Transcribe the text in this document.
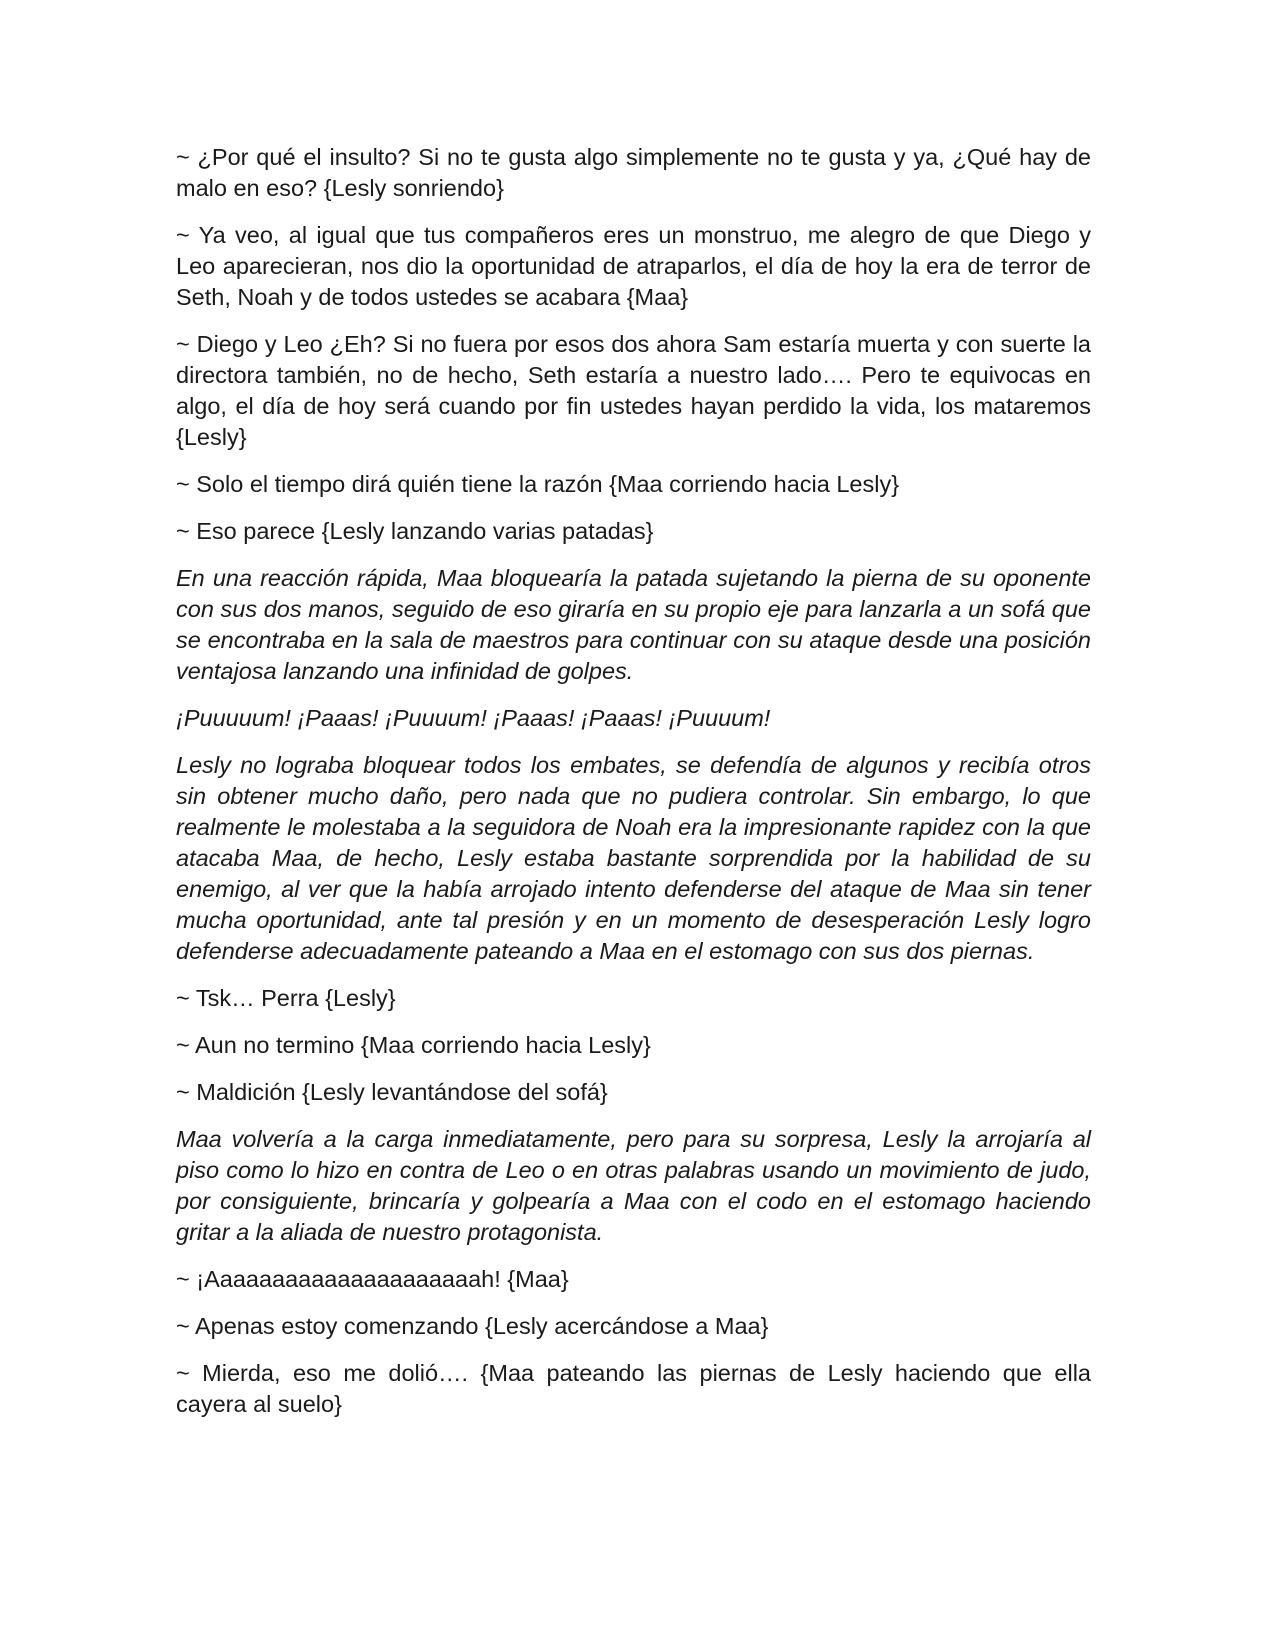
~ ¿Por qué el insulto? Si no te gusta algo simplemente no te gusta y ya, ¿Qué hay de malo en eso? {Lesly sonriendo}

~ Ya veo, al igual que tus compañeros eres un monstruo, me alegro de que Diego y Leo aparecieran, nos dio la oportunidad de atraparlos, el día de hoy la era de terror de Seth, Noah y de todos ustedes se acabara {Maa}

~ Diego y Leo ¿Eh? Si no fuera por esos dos ahora Sam estaría muerta y con suerte la directora también, no de hecho, Seth estaría a nuestro lado…. Pero te equivocas en algo, el día de hoy será cuando por fin ustedes hayan perdido la vida, los mataremos {Lesly}

~ Solo el tiempo dirá quién tiene la razón {Maa corriendo hacia Lesly}

~ Eso parece {Lesly lanzando varias patadas}

En una reacción rápida, Maa bloquearía la patada sujetando la pierna de su oponente con sus dos manos, seguido de eso giraría en su propio eje para lanzarla a un sofá que se encontraba en la sala de maestros para continuar con su ataque desde una posición ventajosa lanzando una infinidad de golpes.

¡Puuuuum! ¡Paaas! ¡Puuuum! ¡Paaas! ¡Paaas! ¡Puuuum!

Lesly no lograba bloquear todos los embates, se defendía de algunos y recibía otros sin obtener mucho daño, pero nada que no pudiera controlar. Sin embargo, lo que realmente le molestaba a la seguidora de Noah era la impresionante rapidez con la que atacaba Maa, de hecho, Lesly estaba bastante sorprendida por la habilidad de su enemigo, al ver que la había arrojado intento defenderse del ataque de Maa sin tener mucha oportunidad, ante tal presión y en un momento de desesperación Lesly logro defenderse adecuadamente pateando a Maa en el estomago con sus dos piernas.

~ Tsk… Perra {Lesly}

~ Aun no termino {Maa corriendo hacia Lesly}

~ Maldición {Lesly levantándose del sofá}

Maa volvería a la carga inmediatamente, pero para su sorpresa, Lesly la arrojaría al piso como lo hizo en contra de Leo o en otras palabras usando un movimiento de judo, por consiguiente, brincaría y golpearía a Maa con el codo en el estomago haciendo gritar a la aliada de nuestro protagonista.

~ ¡Aaaaaaaaaaaaaaaaaaaaah! {Maa}

~ Apenas estoy comenzando {Lesly acercándose a Maa}

~ Mierda, eso me dolió…. {Maa pateando las piernas de Lesly haciendo que ella cayera al suelo}
